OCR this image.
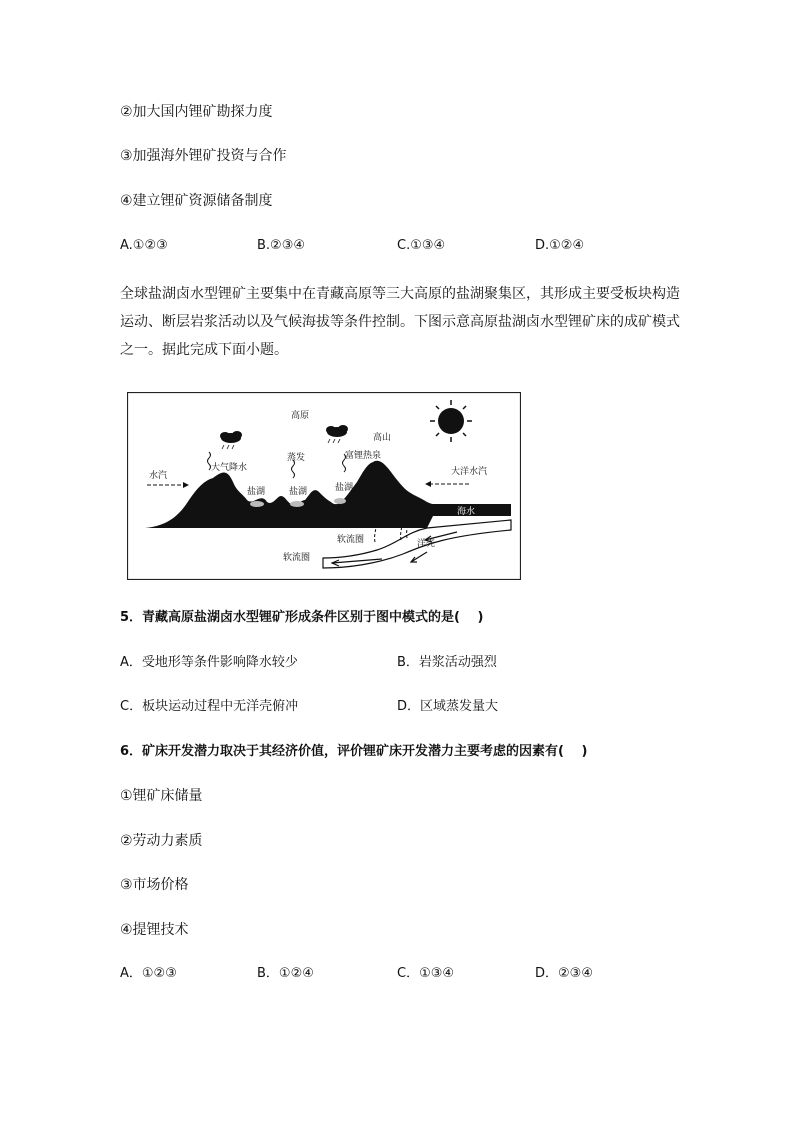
②加大国内锂矿勘探力度
③加强海外锂矿投资与合作
④建立锂矿资源储备制度
A.①②③	B.②③④	C.①③④	D.①②④
全球盐湖卤水型锂矿主要集中在青藏高原等三大高原的盐湖聚集区，其形成主要受板块构造运动、断层岩浆活动以及气候海拔等条件控制。下图示意高原盐湖卤水型锂矿床的成矿模式之一。据此完成下面小题。
高原
高山
水汽
大气降水
蒸发	富锂热泉
大洋水汽
盐湖	盐湖	盐湖
软流圈
软流圈
洋壳
海水
5．青藏高原盐湖卤水型锂矿形成条件区别于图中模式的是(　 )
A．受地形等条件影响降水较少	B．岩浆活动强烈
C．板块运动过程中无洋壳俯冲	D．区域蒸发量大
6．矿床开发潜力取决于其经济价值，评价锂矿床开发潜力主要考虑的因素有(　 )
①锂矿床储量
②劳动力素质
③市场价格
④提锂技术
A．①②③	B．①②④	C．①③④	D．②③④
